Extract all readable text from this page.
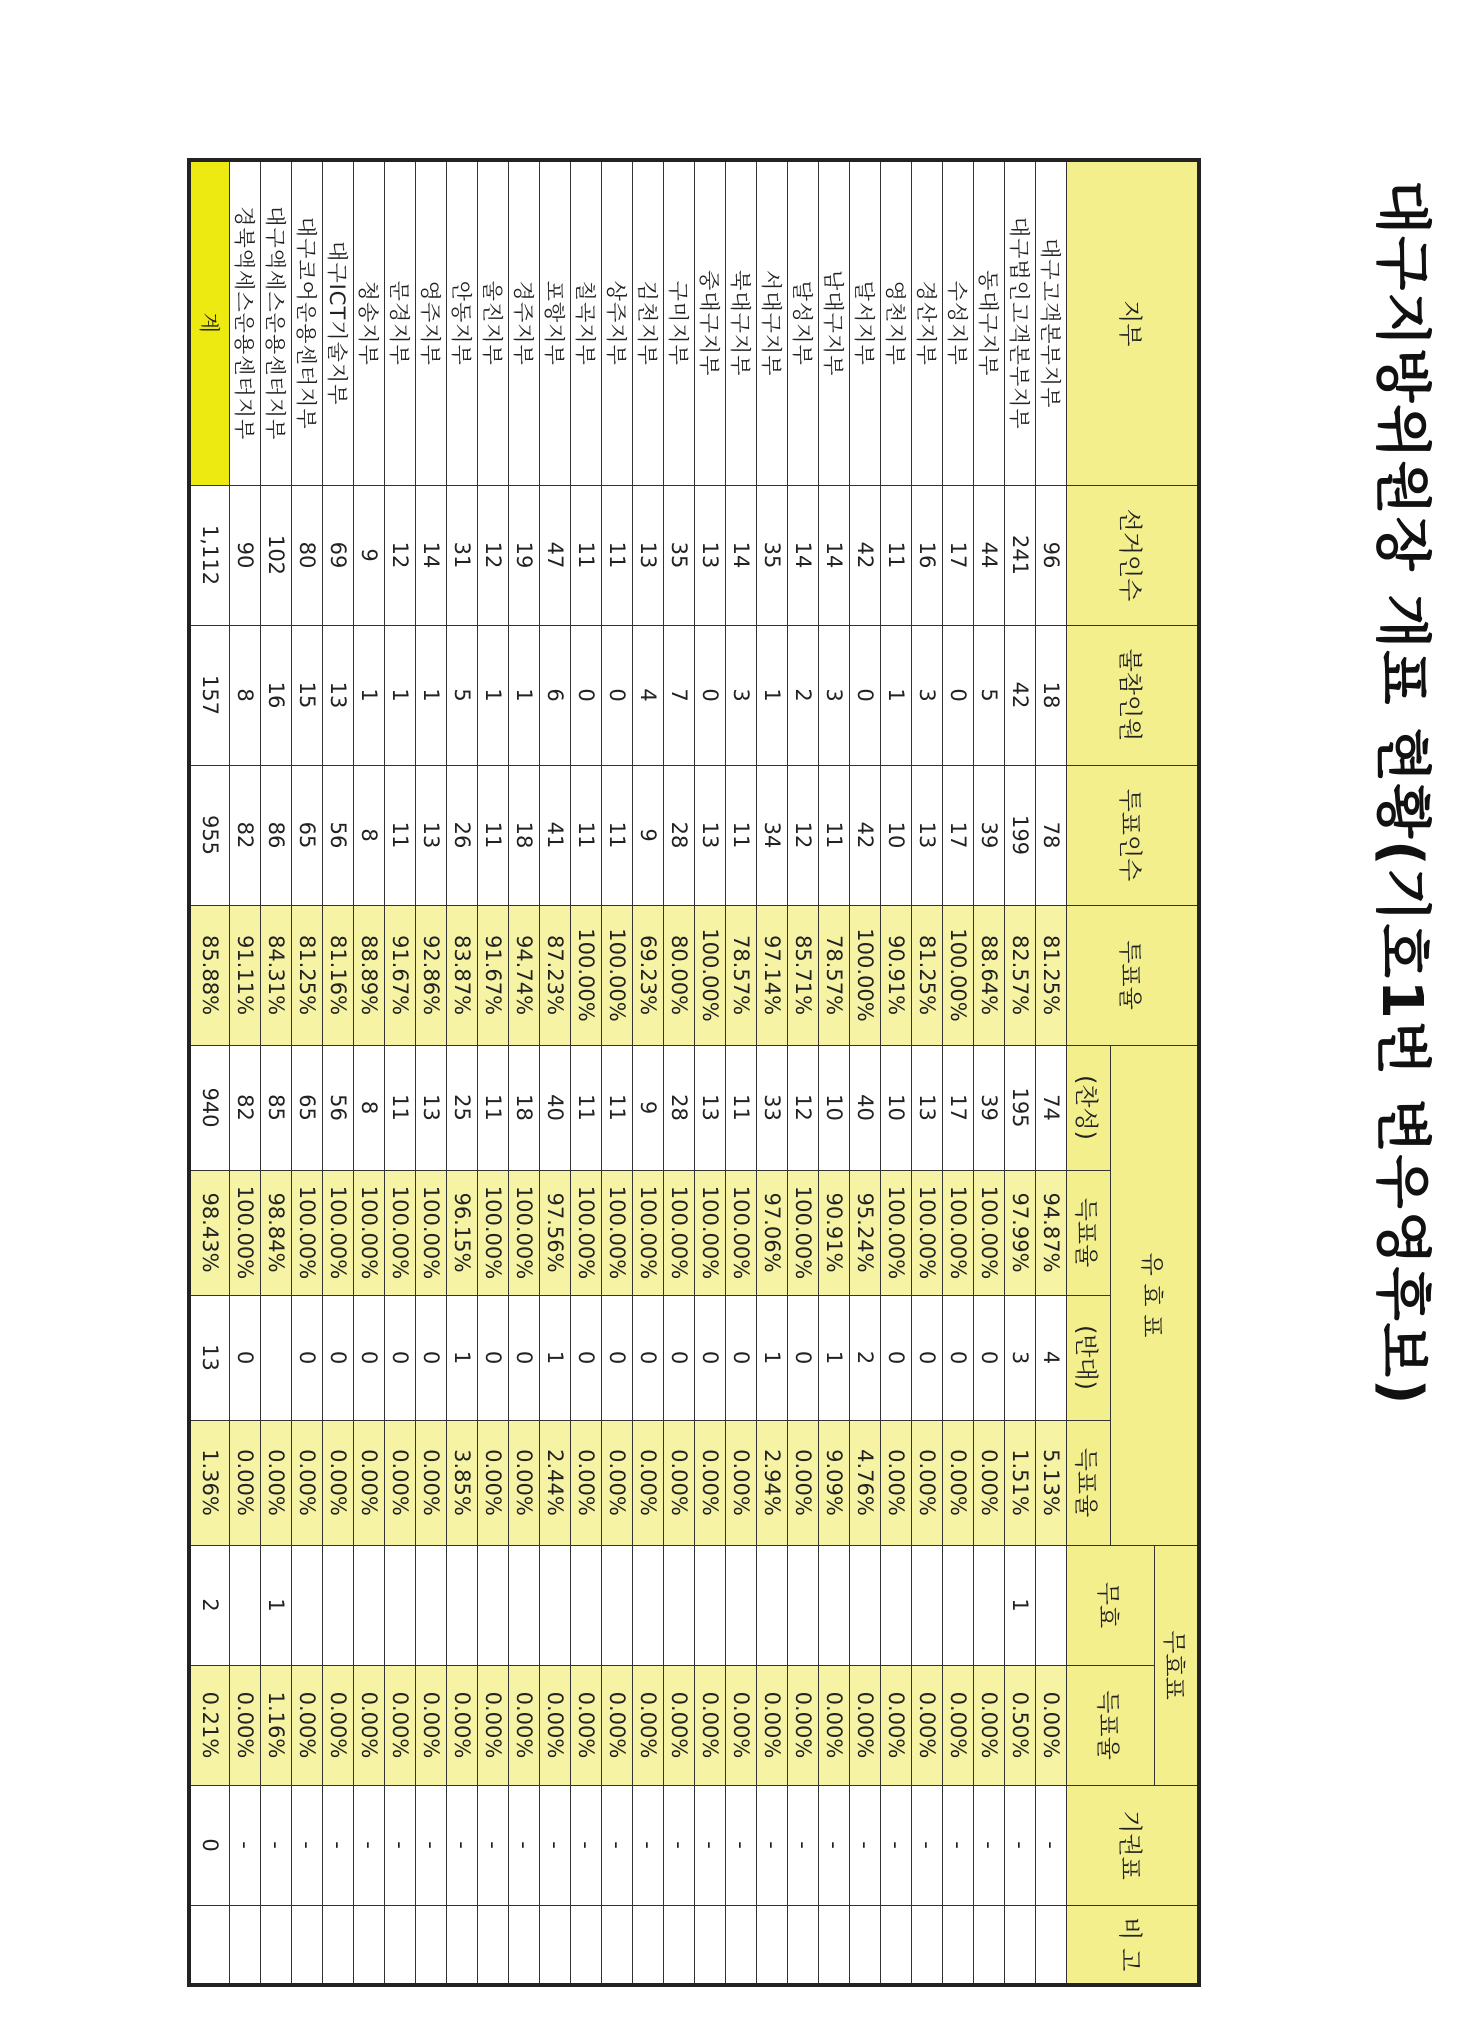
대구지방위원장 개표 현황(기호1번 변우영후보)
지부	선거인수	불참인원	투표인수	투표율	유 효 표				무효표		기권표	비 고
									무효	득표율		
					(찬성)	득표율	(반대)	득표율				
대구고객본부지부	96	18	78	81.25%	74	94.87%	4	5.13%		0.00%	-	
대구법인고객본부지부	241	42	199	82.57%	195	97.99%	3	1.51%	1	0.50%	-	
동대구지부	44	5	39	88.64%	39	100.00%	0	0.00%		0.00%	-	
수성지부	17	0	17	100.00%	17	100.00%	0	0.00%		0.00%	-	
경산지부	16	3	13	81.25%	13	100.00%	0	0.00%		0.00%	-	
영천지부	11	1	10	90.91%	10	100.00%	0	0.00%		0.00%	-	
달서지부	42	0	42	100.00%	40	95.24%	2	4.76%		0.00%	-	
남대구지부	14	3	11	78.57%	10	90.91%	1	9.09%		0.00%	-	
달성지부	14	2	12	85.71%	12	100.00%	0	0.00%		0.00%	-	
서대구지부	35	1	34	97.14%	33	97.06%	1	2.94%		0.00%	-	
북대구지부	14	3	11	78.57%	11	100.00%	0	0.00%		0.00%	-	
중대구지부	13	0	13	100.00%	13	100.00%	0	0.00%		0.00%	-	
구미지부	35	7	28	80.00%	28	100.00%	0	0.00%		0.00%	-	
김천지부	13	4	9	69.23%	9	100.00%	0	0.00%		0.00%	-	
상주지부	11	0	11	100.00%	11	100.00%	0	0.00%		0.00%	-	
칠곡지부	11	0	11	100.00%	11	100.00%	0	0.00%		0.00%	-	
포항지부	47	6	41	87.23%	40	97.56%	1	2.44%		0.00%	-	
경주지부	19	1	18	94.74%	18	100.00%	0	0.00%		0.00%	-	
울진지부	12	1	11	91.67%	11	100.00%	0	0.00%		0.00%	-	
안동지부	31	5	26	83.87%	25	96.15%	1	3.85%		0.00%	-	
영주지부	14	1	13	92.86%	13	100.00%	0	0.00%		0.00%	-	
문경지부	12	1	11	91.67%	11	100.00%	0	0.00%		0.00%	-	
청송지부	9	1	8	88.89%	8	100.00%	0	0.00%		0.00%	-	
대구ICT기술지부	69	13	56	81.16%	56	100.00%	0	0.00%		0.00%	-	
대구코어운용센터지부	80	15	65	81.25%	65	100.00%	0	0.00%		0.00%	-	
대구액세스운용센터지부	102	16	86	84.31%	85	98.84%		0.00%	1	1.16%	-	
경북액세스운용센터지부	90	8	82	91.11%	82	100.00%	0	0.00%		0.00%	-	
계	1,112	157	955	85.88%	940	98.43%	13	1.36%	2	0.21%	0	
